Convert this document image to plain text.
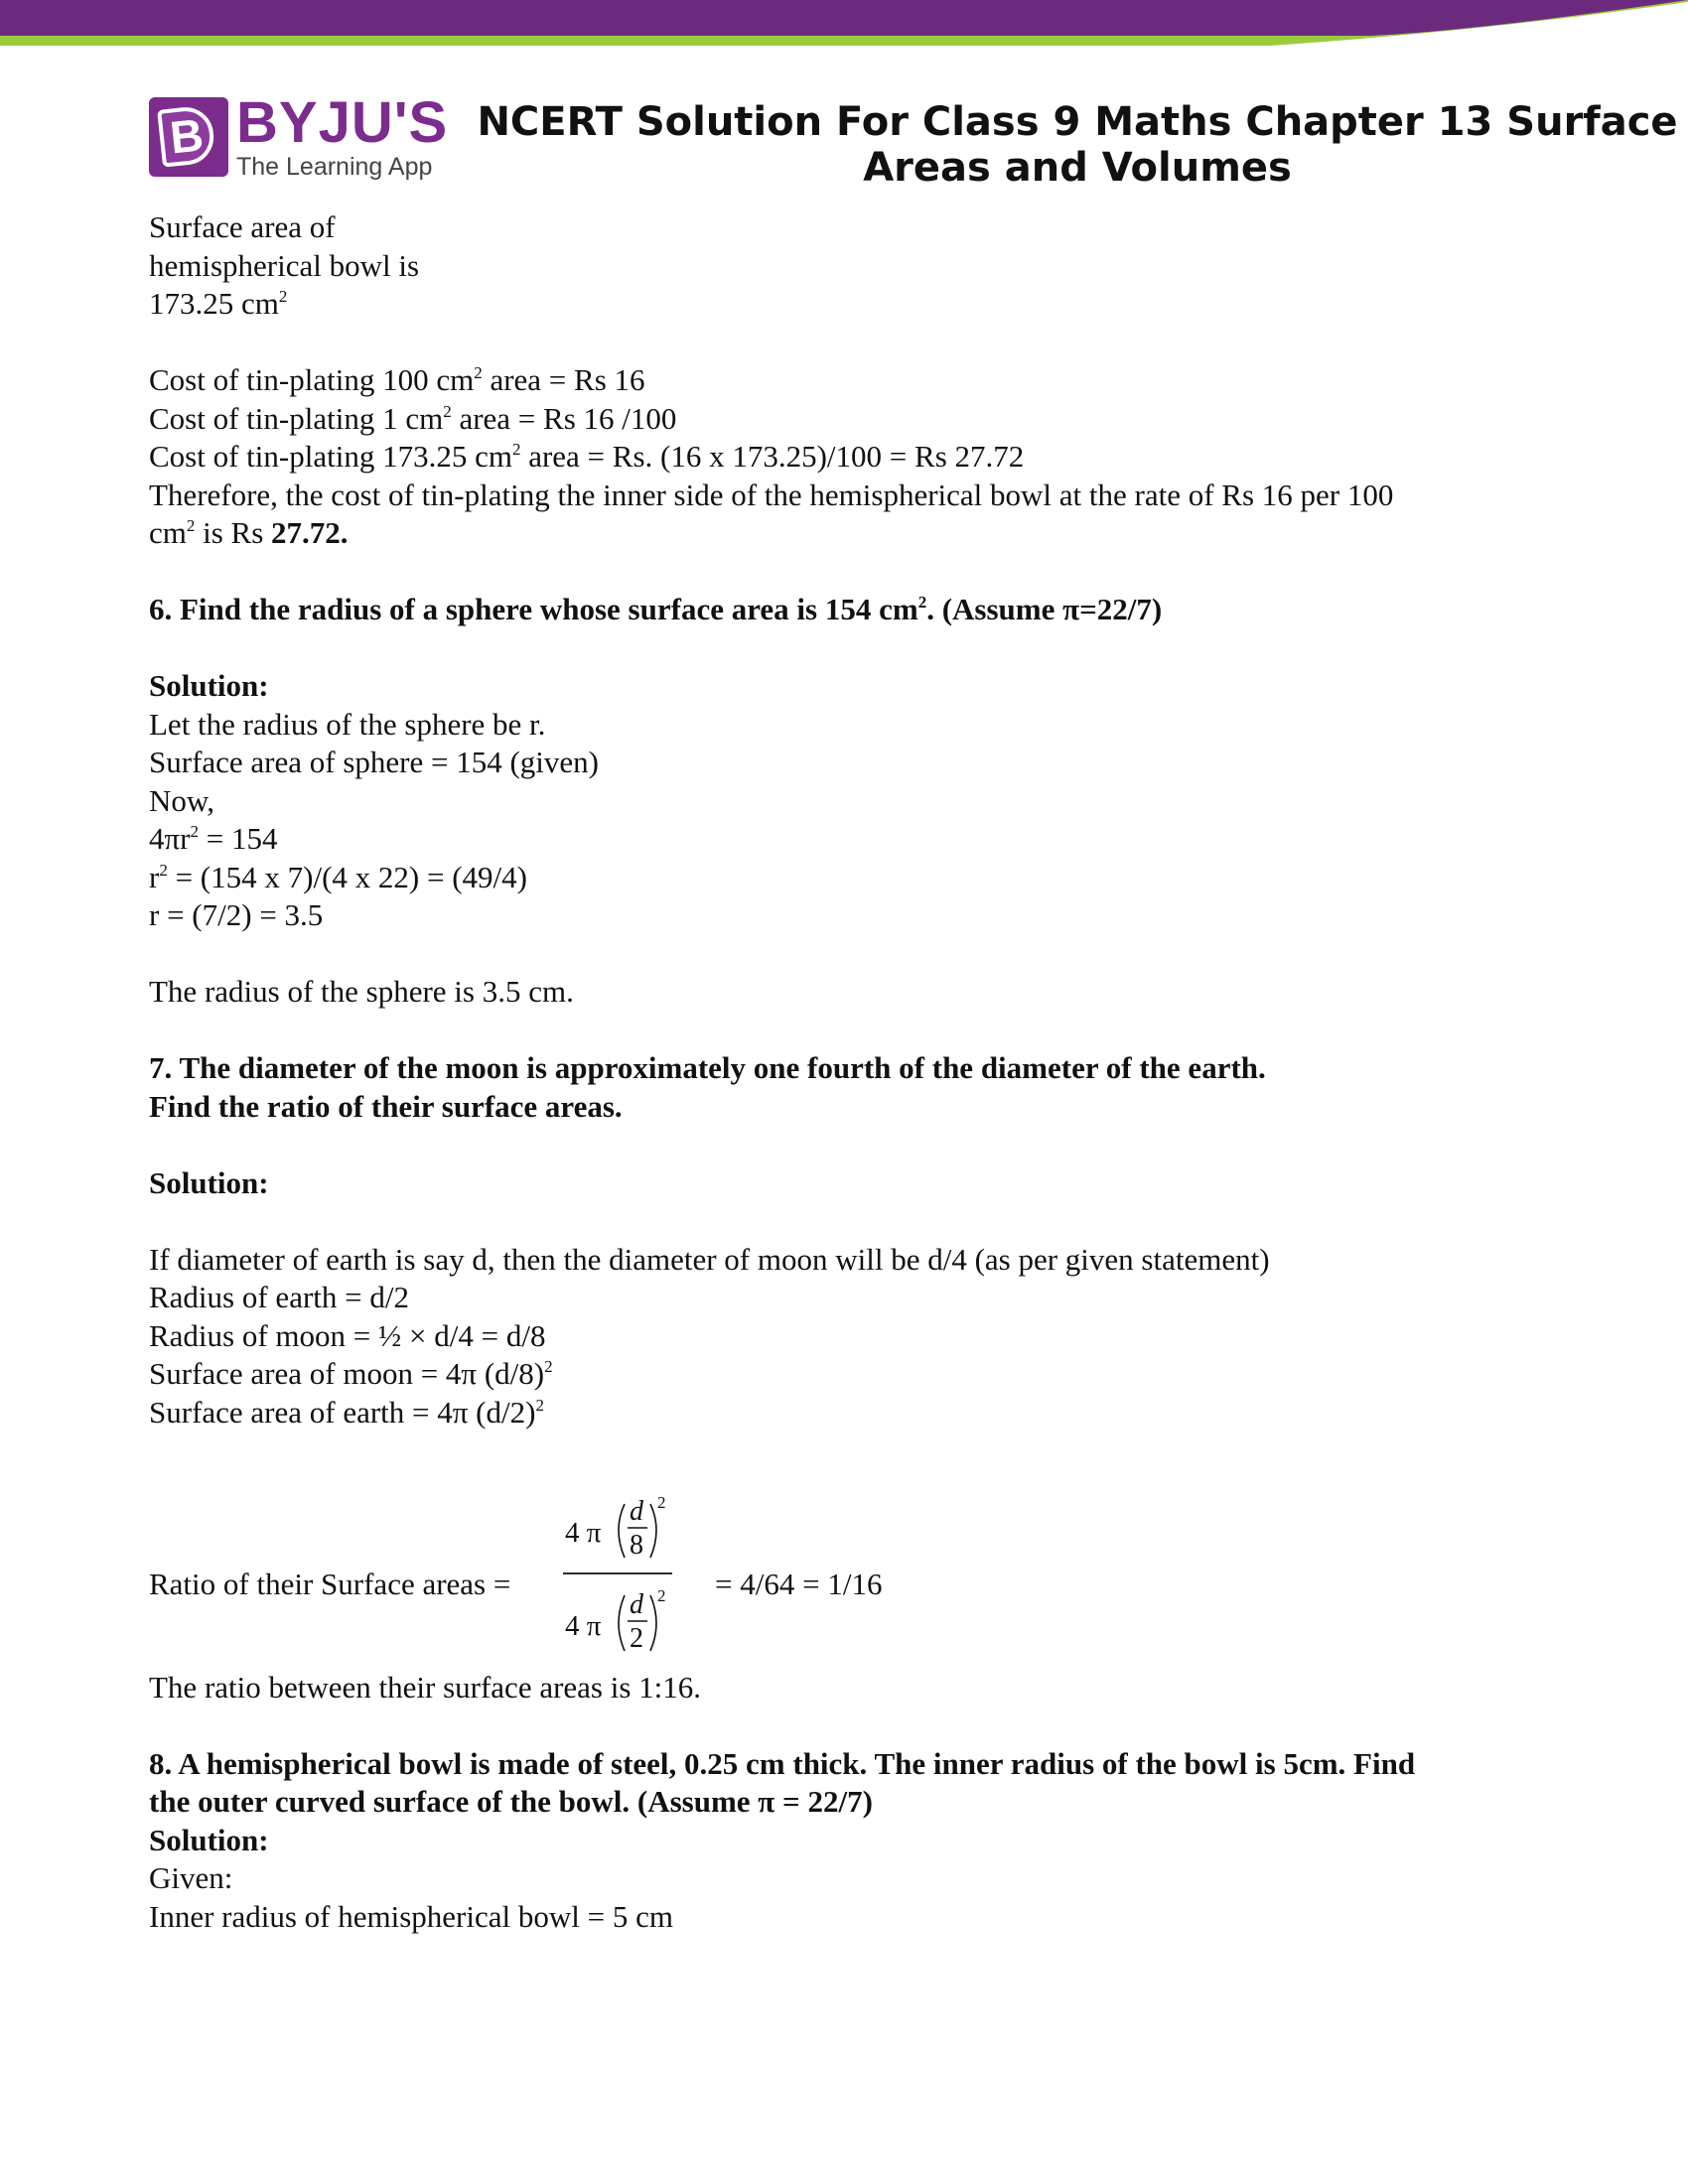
B BYJU'S
The Learning App
NCERT Solution For Class 9 Maths Chapter 13 Surface Areas and Volumes

Surface area of

hemispherical bowl is

173.25 $cm^2$

Cost of tin-plating 100 $cm^2$ area = Rs 16

Cost of tin-plating 1 $cm^2$ area = Rs 16 /100

Cost of tin-plating 173.25 $cm^2$ area = Rs. (16 x 173.25)/100 = Rs 27.72

Therefore, the cost of tin-plating the inner side of the hemispherical bowl at the rate of Rs 16 per 100

$cm^2$ is Rs 27.72.

6. Find the radius of a sphere whose surface area is 154 $cm^2$. (Assume π=22/7)

Solution:

Let the radius of the sphere be r.

Surface area of sphere = 154 (given)

Now,

$4\pi r^2 = 154$

$r^2 = (154$ x 7)/(4 x 22) = (49/4)

r = (7/2) = 3.5

The radius of the sphere is 3.5 cm.

7. The diameter of the moon is approximately one fourth of the diameter of the earth.

Find the ratio of their surface areas.

Solution:

If diameter of earth is say d, then the diameter of moon will be d/4 (as per given statement)

Radius of earth = d/2

Radius of moon = ½ × d/4 = d/8

Surface area of moon = 4π $(d/8)^2$

Surface area of earth = 4π $(d/2)^2$

Ratio of their Surface areas =
4 π
d
8
2
4 π
d
2
2 = 4/64 = 1/16

The ratio between their surface areas is 1:16.

8. A hemispherical bowl is made of steel, 0.25 cm thick. The inner radius of the bowl is 5cm. Find

the outer curved surface of the bowl. (Assume π = 22/7)

Solution:

Given:

Inner radius of hemispherical bowl = 5 cm
